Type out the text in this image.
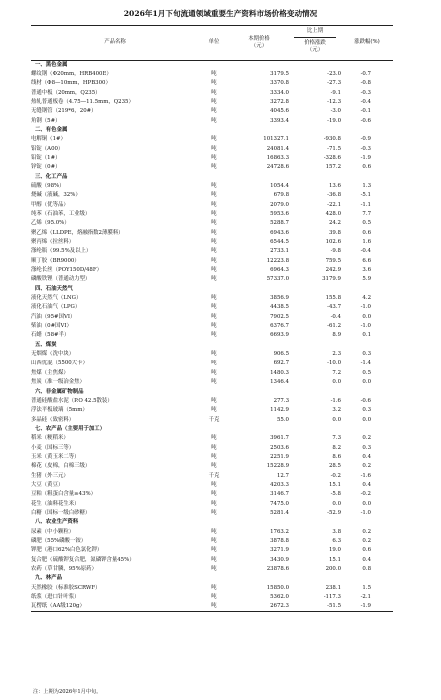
2026年1月下旬流通领域重要生产资料市场价格变动情况
产品名称	单位	本期价格（元）	比上期
价格涨跌（元）	涨跌幅(%)
一、黑色金属				
螺纹钢（Φ20mm，HRB400E）	吨	3179.5	-23.0	-0.7
线材（Φ8—10mm，HPB300）	吨	3370.8	-27.3	-0.8
普通中板（20mm，Q235）	吨	3334.0	-9.1	-0.3
热轧普通板卷（4.75—11.5mm，Q235）	吨	3272.8	-12.3	-0.4
无缝钢管（219*6，20#）	吨	4045.6	-3.0	-0.1
角钢（5#）	吨	3393.4	-19.0	-0.6
二、有色金属				
电解铜（1#）	吨	101327.1	-930.8	-0.9
铝锭（A00）	吨	24081.4	-71.5	-0.3
铅锭（1#）	吨	16863.3	-328.6	-1.9
锌锭（0#）	吨	24728.6	157.2	0.6
三、化工产品				
硫酸（98%）	吨	1054.4	13.6	1.3
烧碱（液碱，32%）	吨	679.8	-36.8	-5.1
甲醇（优等品）	吨	2079.0	-22.1	-1.1
纯苯（石油苯，工业级）	吨	5953.6	428.0	7.7
乙烯（95.0%）	吨	5288.7	24.2	0.5
聚乙烯（LLDPE，熔融指数2薄膜料）	吨	6943.6	39.8	0.6
聚丙烯（拉丝料）	吨	6544.5	102.6	1.6
涤纶瓶（99.5%及以上）	吨	2733.1	-9.8	-0.4
顺丁胶（BR9000）	吨	12223.8	759.5	6.6
涤纶长丝（POY150D/48F）	吨	6964.3	242.9	3.6
磷酸铁锂（普通动力型）	吨	57337.0	3179.9	5.9
四、石油天然气				
液化天然气（LNG）	吨	3856.9	155.8	4.2
液化石油气（LPG）	吨	4438.5	-43.7	-1.0
汽油（95#国VI）	吨	7902.5	-0.4	0.0
柴油（0#国VI）	吨	6376.7	-61.2	-1.0
石蜡（58#半）	吨	6693.9	8.9	0.1
五、煤炭				
无烟煤（洗中块）	吨	906.5	2.3	0.3
山西优混（5500大卡）	吨	692.7	-10.0	-1.4
焦煤（主焦煤）	吨	1480.3	7.2	0.5
焦炭（准一级冶金焦）	吨	1346.4	0.0	0.0
六、非金属矿物制品				
普通硅酸盐水泥（P.O 42.5散装）	吨	277.3	-1.6	-0.6
浮法平板玻璃（5mm）	吨	1142.9	3.2	0.3
多晶硅（致密料）	千克	55.0	0.0	0.0
七、农产品（主要用于加工）				
稻米（粳稻米）	吨	3961.7	7.3	0.2
小麦（国标三等）	吨	2503.6	8.2	0.3
玉米（黄玉米二等）	吨	2251.9	8.6	0.4
棉花（皮棉，白棉三级）	吨	15228.9	28.5	0.2
生猪（外三元）	千克	12.7	-0.2	-1.6
大豆（黄豆）	吨	4203.3	15.1	0.4
豆粕（粗蛋白含量≥43%）	吨	3146.7	-5.8	-0.2
花生（油料花生米）	吨	7475.0	0.0	0.0
白糖（国标一级白砂糖）	吨	5281.4	-52.9	-1.0
八、农业生产资料				
尿素（中小颗粒）	吨	1763.2	3.8	0.2
磷肥（55%磷酸一铵）	吨	3878.8	6.3	0.2
钾肥（港口62%白色氯化钾）	吨	3271.9	19.0	0.6
复合肥（硫酸钾复合肥，氮磷钾含量45%）	吨	3430.9	15.1	0.4
农药（草甘膦，95%原药）	吨	23878.6	200.0	0.8
九、林产品				
天然橡胶（标准胶SCRWF）	吨	15850.0	238.1	1.5
纸浆（进口针叶浆）	吨	5362.0	-117.3	-2.1
瓦楞纸（AA级120g）	吨	2672.3	-51.5	-1.9
注：上期为2026年1月中旬。
